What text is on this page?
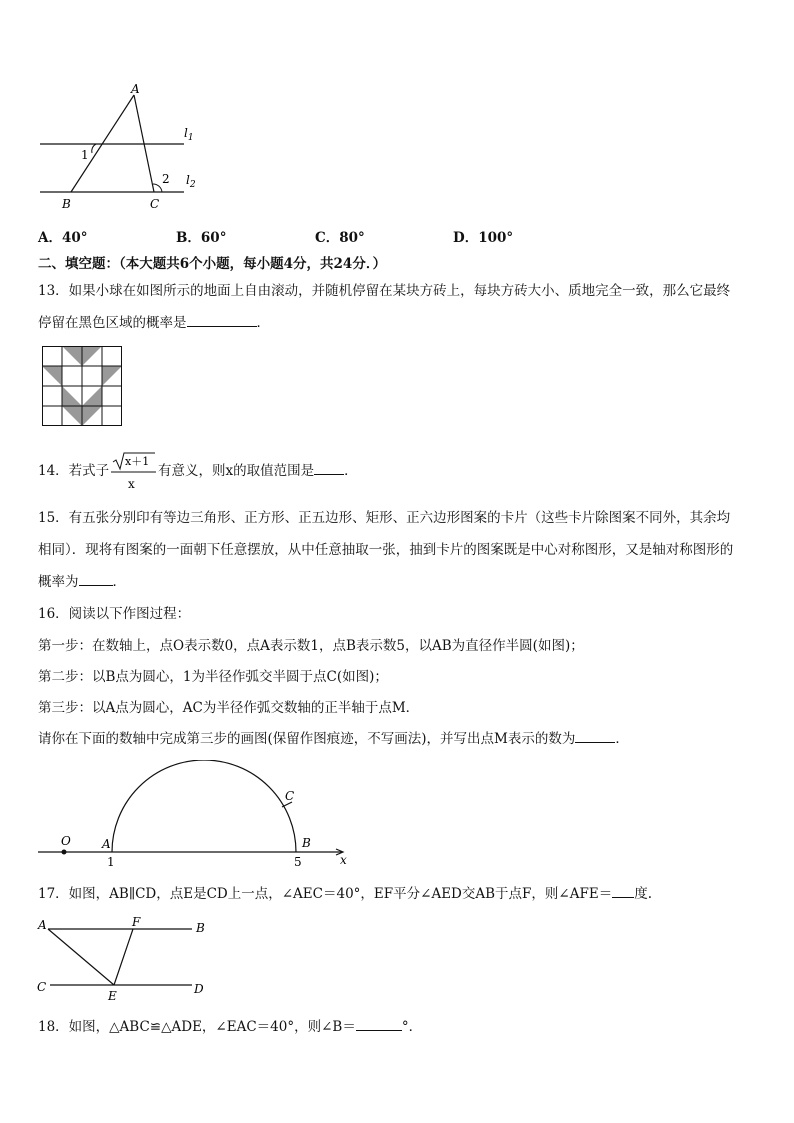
A
B	C
1
2
$l_1$
$l_2$
A．40°	B．60°	C．80°	D．100°
二、填空题：（本大题共6个小题，每小题4分，共24分．）
13．如果小球在如图所示的地面上自由滚动，并随机停留在某块方砖上，每块方砖大小、质地完全一致，那么它最终
停留在黑色区域的概率是	．
14．若式子
x＋1
x
有意义，则x的取值范围是 ．
15．有五张分别印有等边三角形、正方形、正五边形、矩形、正六边形图案的卡片（这些卡片除图案不同外，其余均
相同）．现将有图案的一面朝下任意摆放，从中任意抽取一张，抽到卡片的图案既是中心对称图形，又是轴对称图形的
概率为	．
16．阅读以下作图过程：
第一步：在数轴上，点O表示数0，点A表示数1，点B表示数5，以AB为直径作半圆(如图)；
第二步：以B点为圆心，1为半径作弧交半圆于点C(如图)；
第三步：以A点为圆心，AC为半径作弧交数轴的正半轴于点M．
请你在下面的数轴中完成第三步的画图(保留作图痕迹，不写画法)，并写出点M表示的数为	．
O	A	B
C
1	5	x
17．如图，AB∥CD，点E是CD上一点，∠AEC＝40°，EF平分∠AED交AB于点F，则∠AFE＝ 度.
A	F	B
C
E	D
18．如图，△ABC≌△ADE，∠EAC＝40°，则∠B＝	°．
